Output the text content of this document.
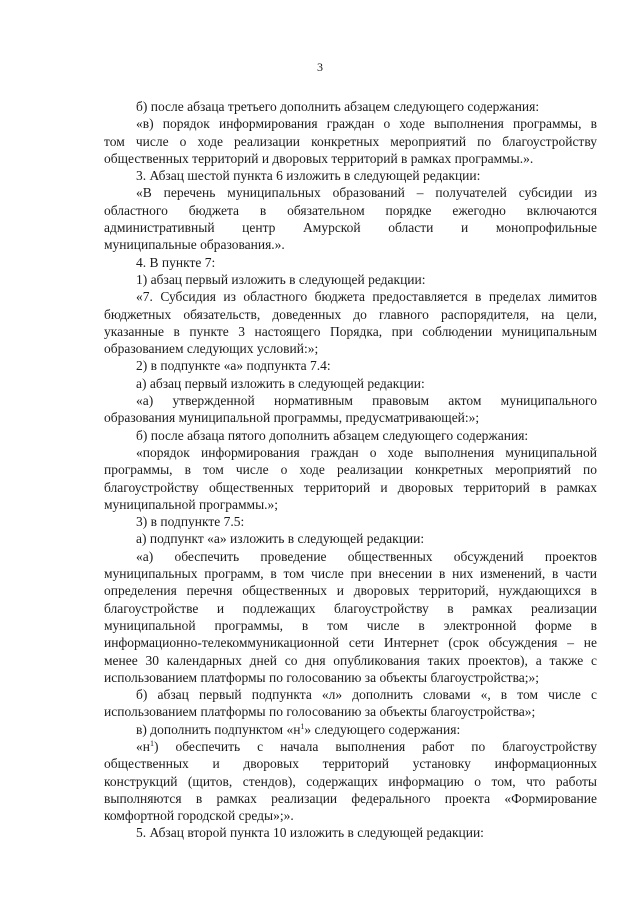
3
б) после абзаца третьего дополнить абзацем следующего содержания:
«в) порядок информирования граждан о ходе выполнения программы, в
том числе о ходе реализации конкретных мероприятий по благоустройству
общественных территорий и дворовых территорий в рамках программы.».
3. Абзац шестой пункта 6 изложить в следующей редакции:
«В перечень муниципальных образований – получателей субсидии из
областного бюджета в обязательном порядке ежегодно включаются
административный центр Амурской области и монопрофильные
муниципальные образования.».
4. В пункте 7:
1) абзац первый изложить в следующей редакции:
«7. Субсидия из областного бюджета предоставляется в пределах лимитов
бюджетных обязательств, доведенных до главного распорядителя, на цели,
указанные в пункте 3 настоящего Порядка, при соблюдении муниципальным
образованием следующих условий:»;
2) в подпункте «а» подпункта 7.4:
а) абзац первый изложить в следующей редакции:
«а) утвержденной нормативным правовым актом муниципального
образования муниципальной программы, предусматривающей:»;
б) после абзаца пятого дополнить абзацем следующего содержания:
«порядок информирования граждан о ходе выполнения муниципальной
программы, в том числе о ходе реализации конкретных мероприятий по
благоустройству общественных территорий и дворовых территорий в рамках
муниципальной программы.»;
3) в подпункте 7.5:
а) подпункт «а» изложить в следующей редакции:
«а) обеспечить проведение общественных обсуждений проектов
муниципальных программ, в том числе при внесении в них изменений, в части
определения перечня общественных и дворовых территорий, нуждающихся в
благоустройстве и подлежащих благоустройству в рамках реализации
муниципальной программы, в том числе в электронной форме в
информационно-телекоммуникационной сети Интернет (срок обсуждения – не
менее 30 календарных дней со дня опубликования таких проектов), а также с
использованием платформы по голосованию за объекты благоустройства;»;
б) абзац первый подпункта «л» дополнить словами «, в том числе с
использованием платформы по голосованию за объекты благоустройства»;
в) дополнить подпунктом «$н^1$» следующего содержания:
«$н^1$) обеспечить с начала выполнения работ по благоустройству
общественных и дворовых территорий установку информационных
конструкций (щитов, стендов), содержащих информацию о том, что работы
выполняются в рамках реализации федерального проекта «Формирование
комфортной городской среды»;».
5. Абзац второй пункта 10 изложить в следующей редакции:
